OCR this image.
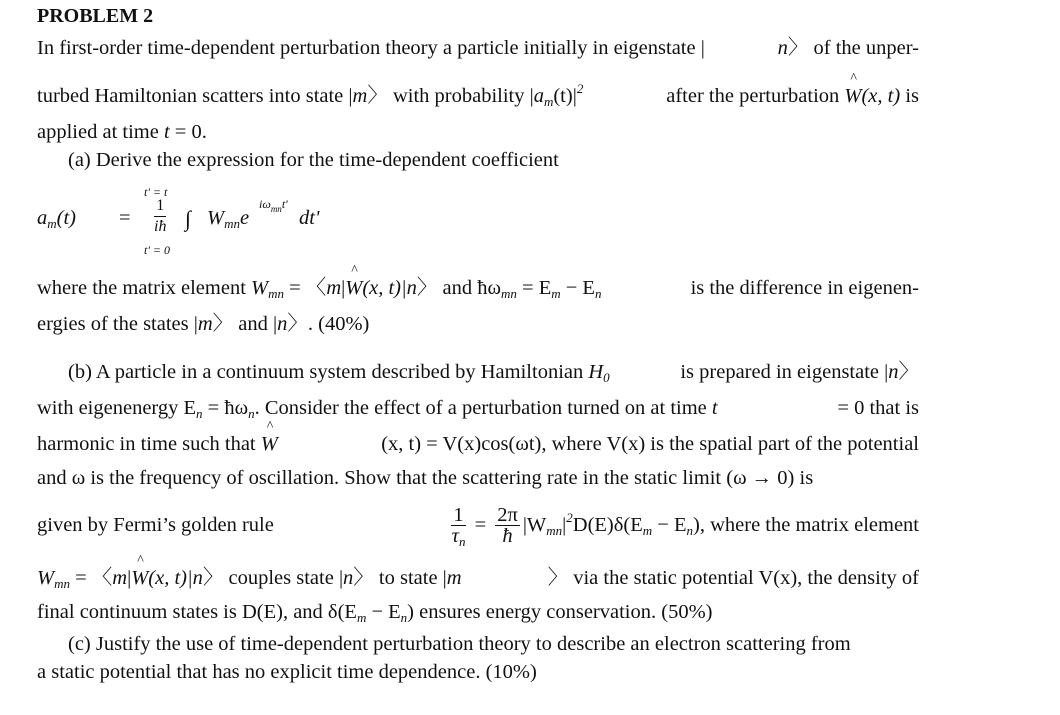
PROBLEM 2
In first-order time-dependent perturbation theory a particle initially in eigenstate |	n〉 of the unper-
turbed Hamiltonian scatters into state |m〉 with probability $|a_m(t)|^2$	after the perturbation ^ W(x, t) is
applied at time t = 0.
(a) Derive the expression for the time-dependent coefficient
$a_m(t) = \frac{1}{iħ}$
t' = t
∫
t' = 0
$W_{mn}e$
$i\omega_{mn}t'$
dt'
where the matrix element $W_{mn}$ = 〈m|^ W(x, t)|n〉 and $ħ\omega_{mn} = E_m - E_n$	is the difference in eigenen-
ergies of the states |m〉 and |n〉. (40%)
(b) A particle in a continuum system described by Hamiltonian $H_0$	is prepared in eigenstate |n〉
with eigenenergy $E_n$ = $ħ\omega_n$. Consider the effect of a perturbation turned on at time t	= 0 that is
harmonic in time such that ^ W	(x, t) = V(x)cos(ωt), where V(x) is the spatial part of the potential
and ω is the frequency of oscillation. Show that the scattering rate in the static limit (ω → 0) is
given by Fermi’s golden rule	$\frac{1}{\tau_n} = \frac{2\pi}{ħ} |W_{mn}|^2D(E)\delta(E_m - E_n)$, where the matrix element
$W_{mn}$ = 〈m|^ W(x, t)|n〉 couples state |n〉 to state |m	〉 via the static potential V(x), the density of
final continuum states is D(E), and $\delta(E_m - E_n)$ ensures energy conservation. (50%)
(c) Justify the use of time-dependent perturbation theory to describe an electron scattering from
a static potential that has no explicit time dependence. (10%)
